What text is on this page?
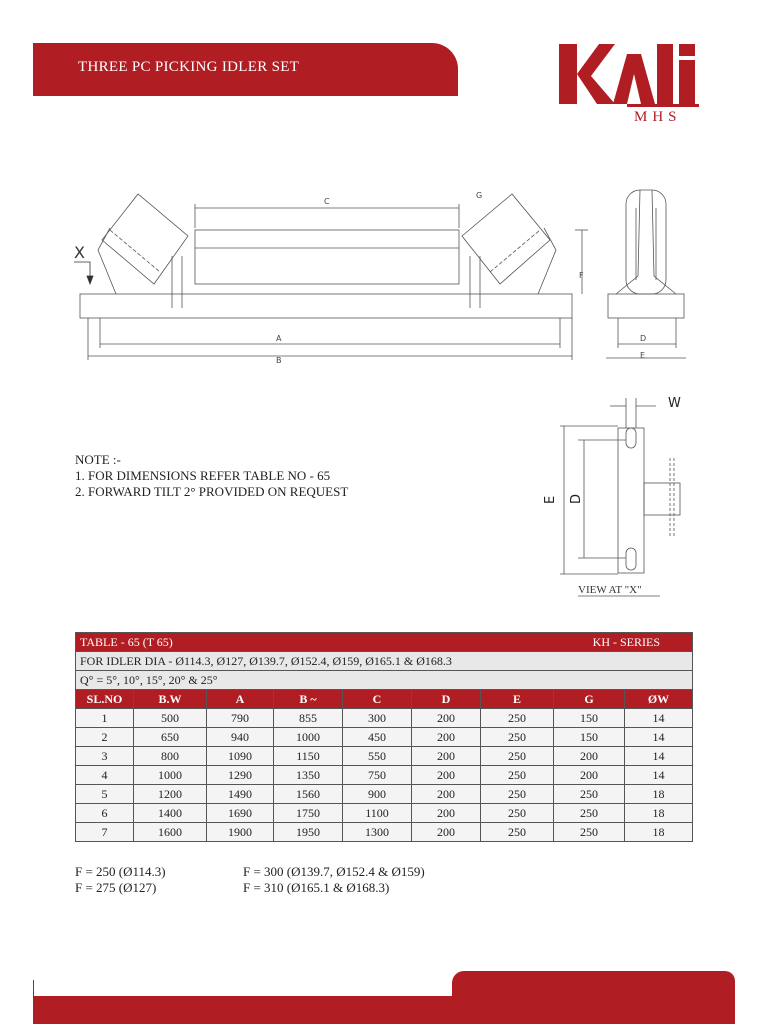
THREE PC PICKING IDLER SET
MHS
C
G
F
A
B
D
E
X
W
E D
VIEW AT "X"
NOTE :-
1. FOR DIMENSIONS REFER TABLE NO - 65
2. FORWARD TILT 2° PROVIDED ON REQUEST
TABLE - 65 (T 65) KH - SERIES								

FOR IDLER DIA - Ø114.3, Ø127, Ø139.7, Ø152.4, Ø159, Ø165.1 & Ø168.3								
Q° = 5°, 10°, 15°, 20° & 25°								
SL.NO	B.W	A	B ~	C	D	E	G	ØW
1	500	790	855	300	200	250	150	14
2	650	940	1000	450	200	250	150	14
3	800	1090	1150	550	200	250	200	14
4	1000	1290	1350	750	200	250	200	14
5	1200	1490	1560	900	200	250	250	18
6	1400	1690	1750	1100	200	250	250	18
7	1600	1900	1950	1300	200	250	250	18
F = 250 (Ø114.3)	F = 300 (Ø139.7, Ø152.4 & Ø159)
F = 275 (Ø127)	F = 310 (Ø165.1 & Ø168.3)
